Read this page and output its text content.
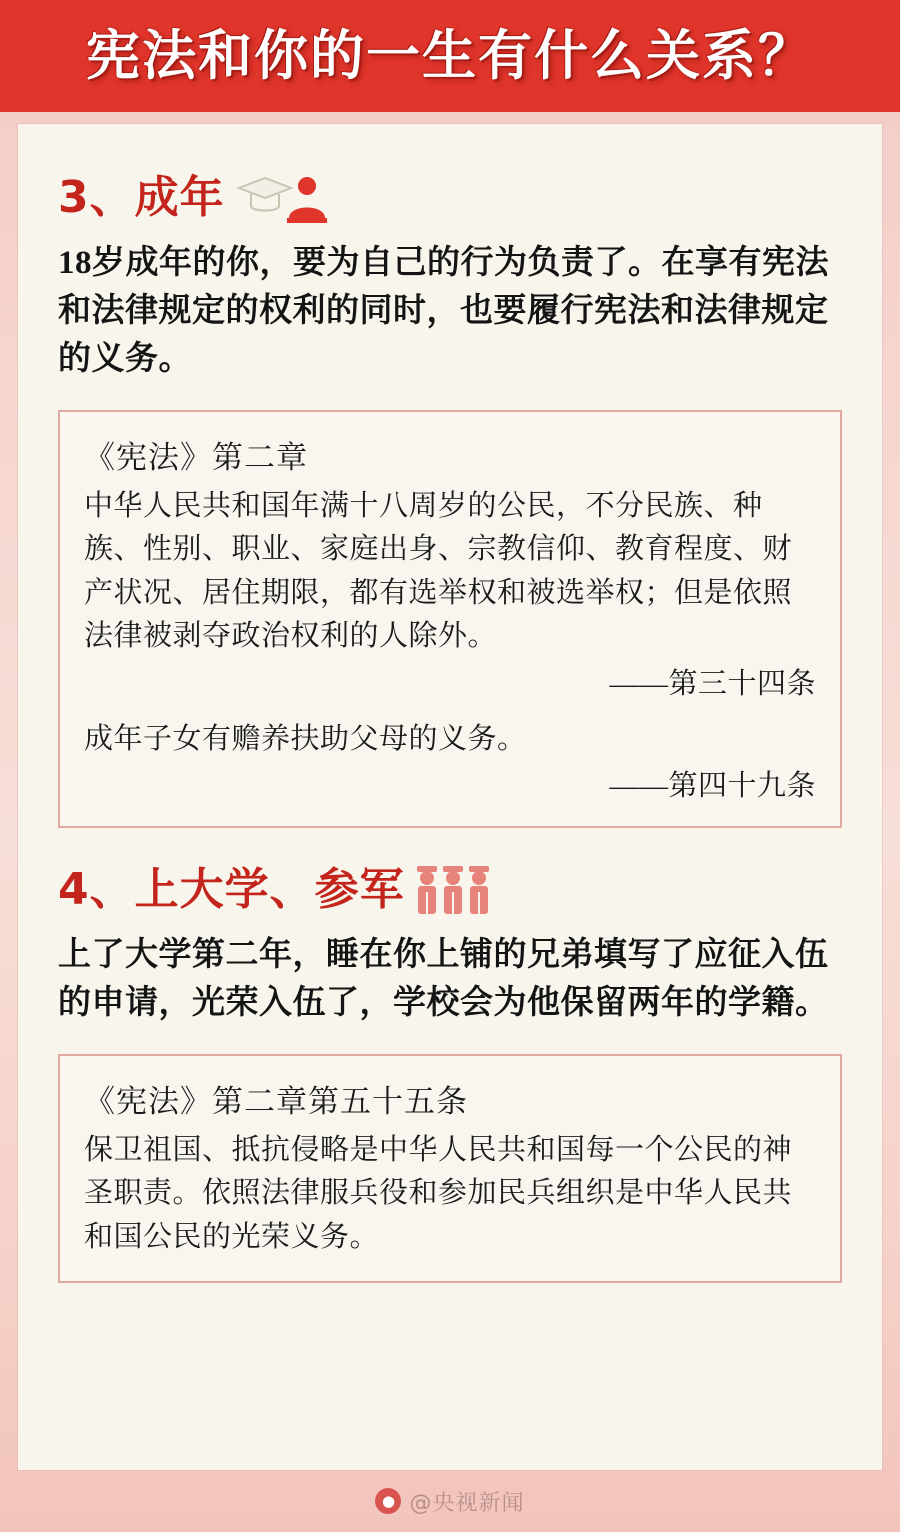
宪法和你的一生有什么关系？
3、成年

18岁成年的你，要为自己的行为负责了。在享有宪法和法律规定的权利的同时，也要履行宪法和法律规定的义务。

《宪法》第二章
中华人民共和国年满十八周岁的公民，不分民族、种族、性别、职业、家庭出身、宗教信仰、教育程度、财产状况、居住期限，都有选举权和被选举权；但是依照法律被剥夺政治权利的人除外。
——第三十四条
成年子女有赡养扶助父母的义务。
——第四十九条
4、上大学、参军

上了大学第二年，睡在你上铺的兄弟填写了应征入伍的申请，光荣入伍了，学校会为他保留两年的学籍。

《宪法》第二章第五十五条
保卫祖国、抵抗侵略是中华人民共和国每一个公民的神圣职责。依照法律服兵役和参加民兵组织是中华人民共和国公民的光荣义务。
● @央视新闻
